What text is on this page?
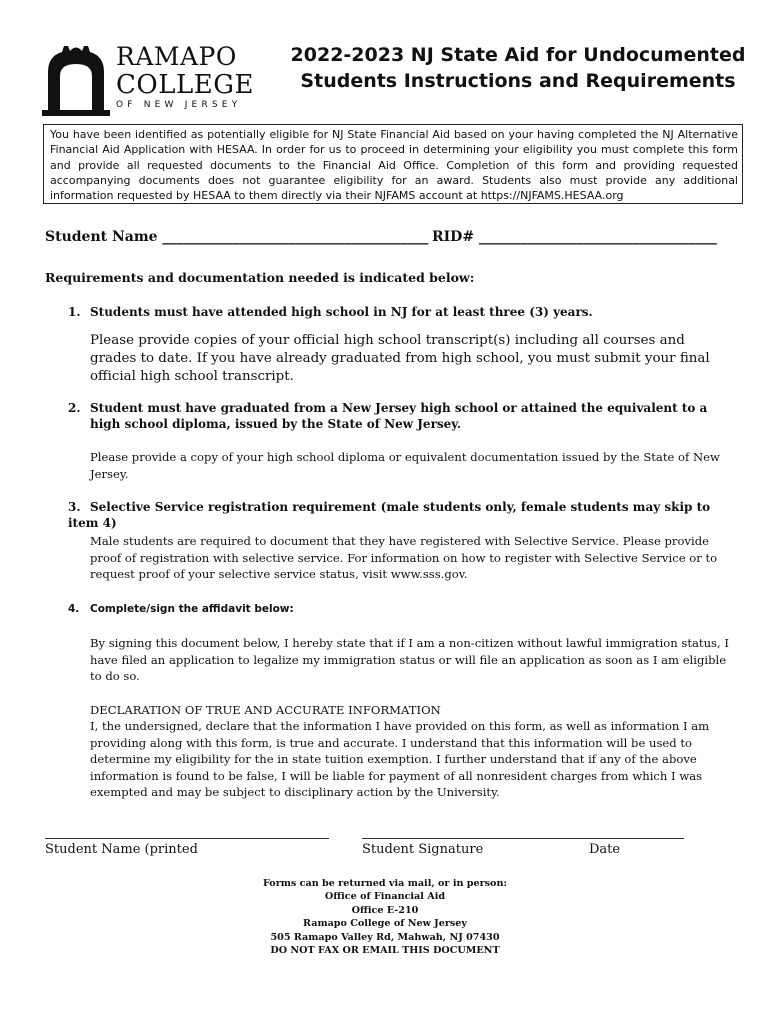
RAMAPO
COLLEGE
OF NEW JERSEY
2022-2023 NJ State Aid for Undocumented
Students Instructions and Requirements
You have been identified as potentially eligible for NJ State Financial Aid based on your having completed the NJ Alternative Financial Aid Application with HESAA. In order for us to proceed in determining your eligibility you must complete this form and provide all requested documents to the Financial Aid Office. Completion of this form and providing requested accompanying documents does not guarantee eligibility for an award. Students also must provide any additional information requested by HESAA to them directly via their NJFAMS account at https://NJFAMS.HESAA.org
Student Name ______________________________________ RID# __________________________________
Requirements and documentation needed is indicated below:
1. Students must have attended high school in NJ for at least three (3) years.
Please provide copies of your official high school transcript(s) including all courses and grades to date. If you have already graduated from high school, you must submit your final official high school transcript.
2. Student must have graduated from a New Jersey high school or attained the equivalent to a high school diploma, issued by the State of New Jersey.
Please provide a copy of your high school diploma or equivalent documentation issued by the State of New Jersey.
3. Selective Service registration requirement (male students only, female students may skip to item 4)
Male students are required to document that they have registered with Selective Service. Please provide proof of registration with selective service. For information on how to register with Selective Service or to request proof of your selective service status, visit www.sss.gov.
4. Complete/sign the affidavit below:
By signing this document below, I hereby state that if I am a non-citizen without lawful immigration status, I have filed an application to legalize my immigration status or will file an application as soon as I am eligible to do so.
DECLARATION OF TRUE AND ACCURATE INFORMATION
I, the undersigned, declare that the information I have provided on this form, as well as information I am providing along with this form, is true and accurate. I understand that this information will be used to determine my eligibility for the in state tuition exemption. I further understand that if any of the above information is found to be false, I will be liable for payment of all nonresident charges from which I was exempted and may be subject to disciplinary action by the University.
Student Name (printed	Student Signature	Date
Forms can be returned via mail, or in person:
Office of Financial Aid
Office E-210
Ramapo College of New Jersey
505 Ramapo Valley Rd, Mahwah, NJ 07430
DO NOT FAX OR EMAIL THIS DOCUMENT
